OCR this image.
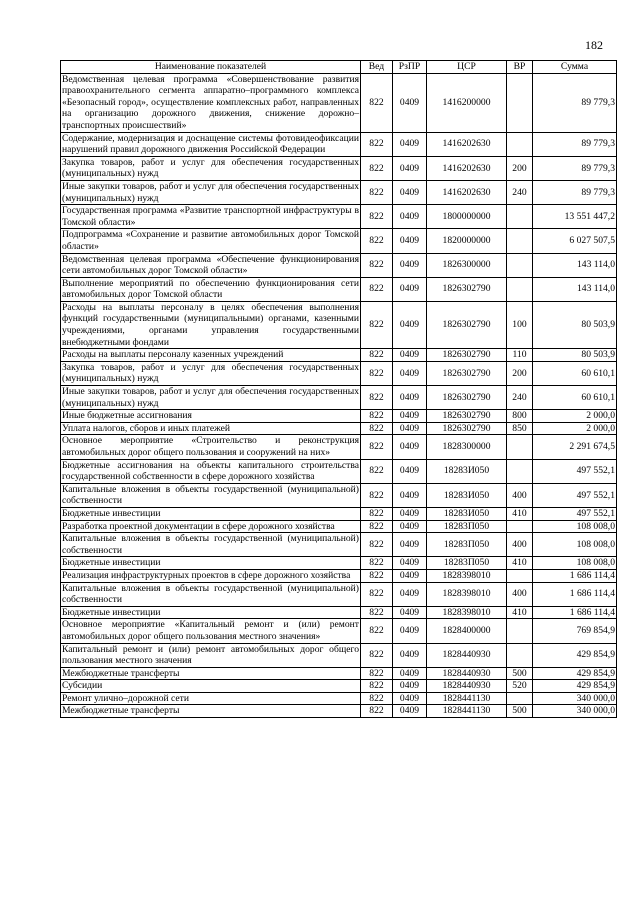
182
Наименование показателей	Вед	РзПР	ЦСР	ВР	Сумма
Ведомственная целевая программа «Совершенствование развития правоохранительного сегмента аппаратно–программного комплекса «Безопасный город», осуществление комплексных работ, направленных на организацию дорожного движения, снижение дорожно–транспортных происшествий»	822	0409	1416200000		89 779,3
Содержание, модернизация и доснащение системы фотовидеофиксации нарушений правил дорожного движения Российской Федерации	822	0409	1416202630		89 779,3
Закупка товаров, работ и услуг для обеспечения государственных (муниципальных) нужд	822	0409	1416202630	200	89 779,3
Иные закупки товаров, работ и услуг для обеспечения государственных (муниципальных) нужд	822	0409	1416202630	240	89 779,3
Государственная программа «Развитие транспортной инфраструктуры в Томской области»	822	0409	1800000000		13 551 447,2
Подпрограмма «Сохранение и развитие автомобильных дорог Томской области»	822	0409	1820000000		6 027 507,5
Ведомственная целевая программа «Обеспечение функционирования сети автомобильных дорог Томской области»	822	0409	1826300000		143 114,0
Выполнение мероприятий по обеспечению функционирования сети автомобильных дорог Томской области	822	0409	1826302790		143 114,0
Расходы на выплаты персоналу в целях обеспечения выполнения функций государственными (муниципальными) органами, казенными учреждениями, органами управления государственными внебюджетными фондами	822	0409	1826302790	100	80 503,9
Расходы на выплаты персоналу казенных учреждений	822	0409	1826302790	110	80 503,9
Закупка товаров, работ и услуг для обеспечения государственных (муниципальных) нужд	822	0409	1826302790	200	60 610,1
Иные закупки товаров, работ и услуг для обеспечения государственных (муниципальных) нужд	822	0409	1826302790	240	60 610,1
Иные бюджетные ассигнования	822	0409	1826302790	800	2 000,0
Уплата налогов, сборов и иных платежей	822	0409	1826302790	850	2 000,0
Основное мероприятие «Строительство и реконструкция автомобильных дорог общего пользования и сооружений на них»	822	0409	1828300000		2 291 674,5
Бюджетные ассигнования на объекты капитального строительства государственной собственности в сфере дорожного хозяйства	822	0409	18283И050		497 552,1
Капитальные вложения в объекты государственной (муниципальной) собственности	822	0409	18283И050	400	497 552,1
Бюджетные инвестиции	822	0409	18283И050	410	497 552,1
Разработка проектной документации в сфере дорожного хозяйства	822	0409	18283П050		108 008,0
Капитальные вложения в объекты государственной (муниципальной) собственности	822	0409	18283П050	400	108 008,0
Бюджетные инвестиции	822	0409	18283П050	410	108 008,0
Реализация инфраструктурных проектов в сфере дорожного хозяйства	822	0409	1828398010		1 686 114,4
Капитальные вложения в объекты государственной (муниципальной) собственности	822	0409	1828398010	400	1 686 114,4
Бюджетные инвестиции	822	0409	1828398010	410	1 686 114,4
Основное мероприятие «Капитальный ремонт и (или) ремонт автомобильных дорог общего пользования местного значения»	822	0409	1828400000		769 854,9
Капитальный ремонт и (или) ремонт автомобильных дорог общего пользования местного значения	822	0409	1828440930		429 854,9
Межбюджетные трансферты	822	0409	1828440930	500	429 854,9
Субсидии	822	0409	1828440930	520	429 854,9
Ремонт улично–дорожной сети	822	0409	1828441130		340 000,0
Межбюджетные трансферты	822	0409	1828441130	500	340 000,0
